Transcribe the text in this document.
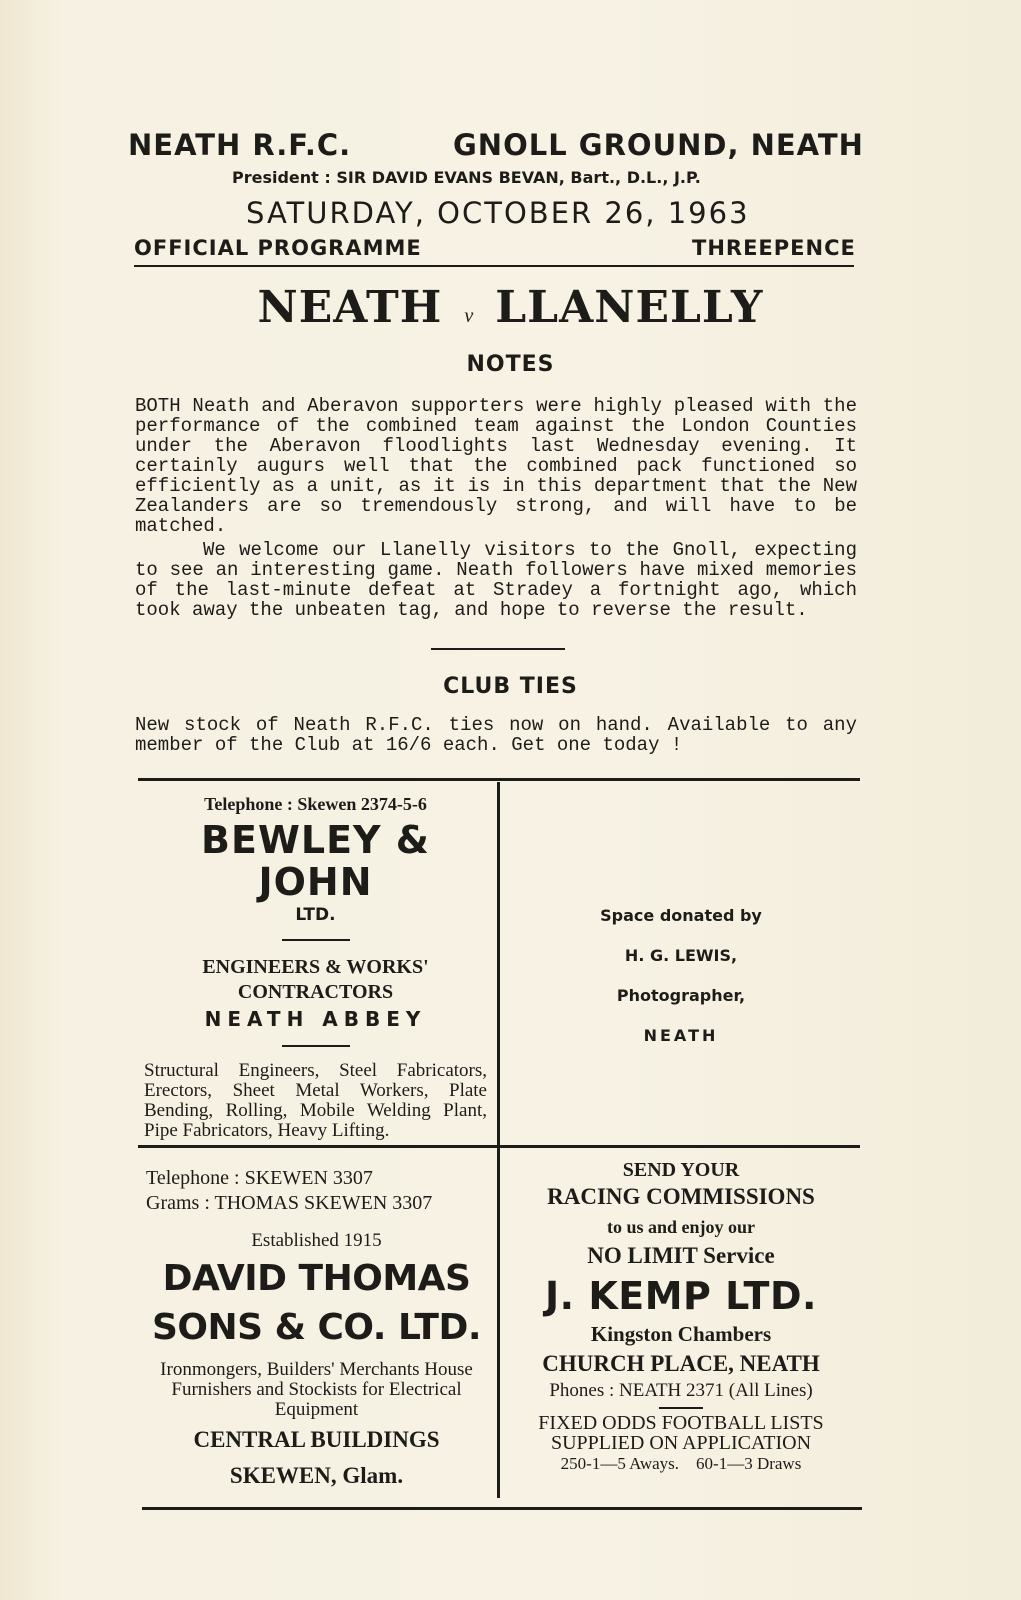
NEATH R.F.C.	GNOLL GROUND, NEATH
President : SIR DAVID EVANS BEVAN, Bart., D.L., J.P.
SATURDAY, OCTOBER 26, 1963
OFFICIAL PROGRAMME	THREEPENCE
NEATH v LLANELLY
NOTES

BOTH Neath and Aberavon supporters were highly pleased with the performance of the combined team against the London Counties under the Aberavon floodlights last Wednesday evening. It certainly augurs well that the combined pack functioned so efficiently as a unit, as it is in this department that the New Zealanders are so tremendously strong, and will have to be matched.

We welcome our Llanelly visitors to the Gnoll, expecting to see an interesting game. Neath followers have mixed memories of the last-minute defeat at Stradey a fortnight ago, which took away the unbeaten tag, and hope to reverse the result.

CLUB TIES
New stock of Neath R.F.C. ties now on hand. Available to any member of the Club at 16/6 each. Get one today !
Telephone : Skewen 2374-5-6
BEWLEY & JOHN
LTD.
ENGINEERS & WORKS'
CONTRACTORS
NEATH ABBEY
Structural Engineers, Steel Fabricators, Erectors, Sheet Metal Workers, Plate Bending, Rolling, Mobile Welding Plant, Pipe Fabricators, Heavy Lifting.
Space donated by
H. G. LEWIS,
Photographer,
NEATH
Telephone : SKEWEN 3307
Grams : THOMAS SKEWEN 3307
Established 1915
DAVID THOMAS
SONS & CO. LTD.
Ironmongers, Builders' Merchants House Furnishers and Stockists for Electrical Equipment
CENTRAL BUILDINGS
SKEWEN, Glam.
SEND YOUR
RACING COMMISSIONS
to us and enjoy our
NO LIMIT Service
J. KEMP LTD.
Kingston Chambers
CHURCH PLACE, NEATH
Phones : NEATH 2371 (All Lines)
FIXED ODDS FOOTBALL LISTS
SUPPLIED ON APPLICATION
250-1—5 Aways.    60-1—3 Draws
